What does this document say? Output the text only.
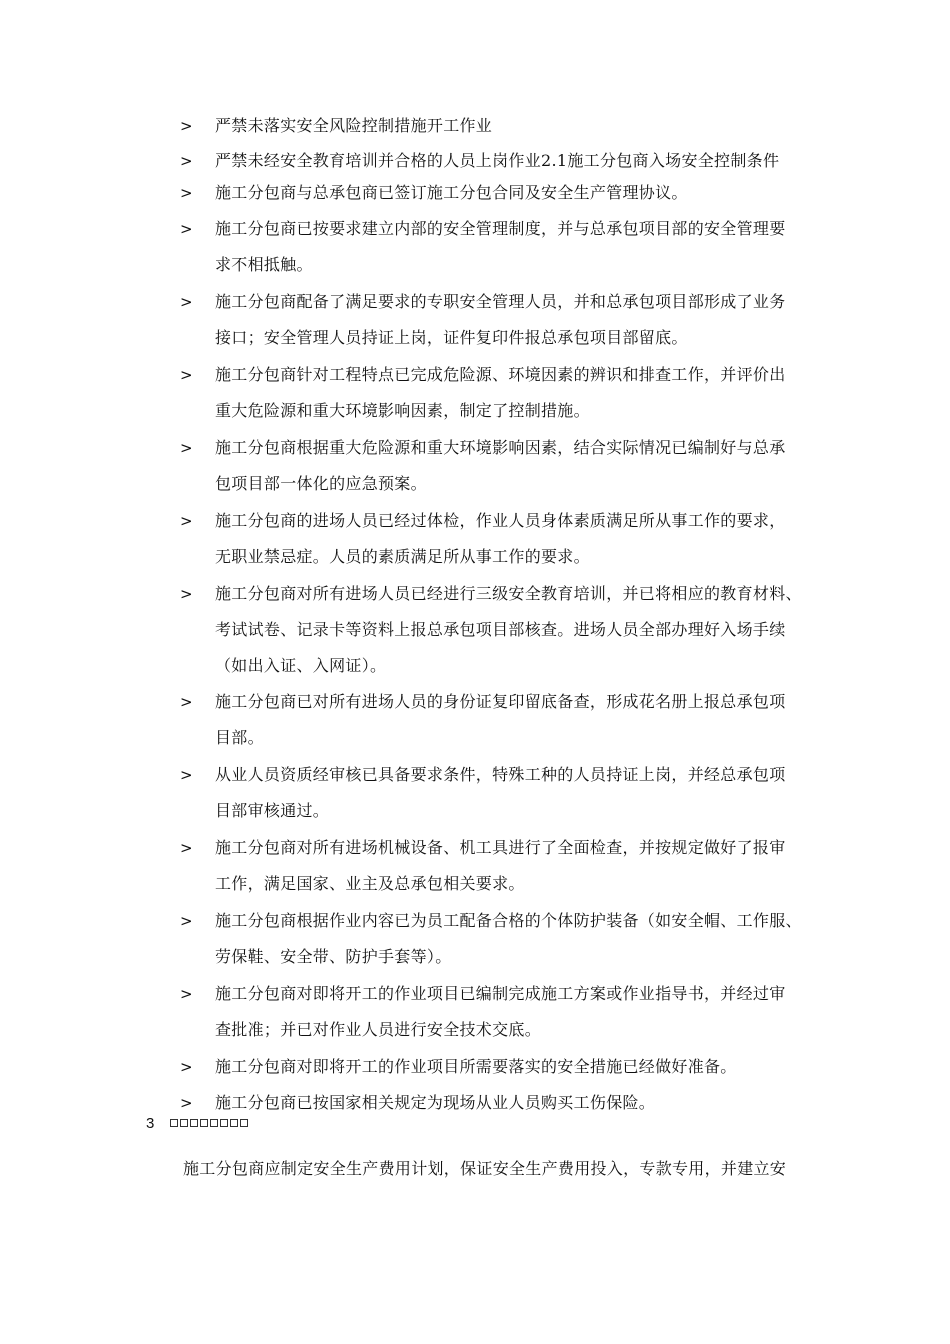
> 严禁未落实安全风险控制措施开工作业
> 严禁未经安全教育培训并合格的人员上岗作业2.1施工分包商入场安全控制条件
> 施工分包商与总承包商已签订施工分包合同及安全生产管理协议。
> 施工分包商已按要求建立内部的安全管理制度，并与总承包项目部的安全管理要
求不相抵触。
> 施工分包商配备了满足要求的专职安全管理人员，并和总承包项目部形成了业务
接口；安全管理人员持证上岗，证件复印件报总承包项目部留底。
> 施工分包商针对工程特点已完成危险源、环境因素的辨识和排查工作，并评价出
重大危险源和重大环境影响因素，制定了控制措施。
> 施工分包商根据重大危险源和重大环境影响因素，结合实际情况已编制好与总承
包项目部一体化的应急预案。
> 施工分包商的进场人员已经过体检，作业人员身体素质满足所从事工作的要求，
无职业禁忌症。人员的素质满足所从事工作的要求。
> 施工分包商对所有进场人员已经进行三级安全教育培训，并已将相应的教育材料、
考试试卷、记录卡等资料上报总承包项目部核查。进场人员全部办理好入场手续
（如出入证、入网证）。
> 施工分包商已对所有进场人员的身份证复印留底备查，形成花名册上报总承包项
目部。
> 从业人员资质经审核已具备要求条件，特殊工种的人员持证上岗，并经总承包项
目部审核通过。
> 施工分包商对所有进场机械设备、机工具进行了全面检查，并按规定做好了报审
工作，满足国家、业主及总承包相关要求。
> 施工分包商根据作业内容已为员工配备合格的个体防护装备（如安全帽、工作服、
劳保鞋、安全带、防护手套等）。
> 施工分包商对即将开工的作业项目已编制完成施工方案或作业指导书，并经过审
查批准；并已对作业人员进行安全技术交底。
> 施工分包商对即将开工的作业项目所需要落实的安全措施已经做好准备。
> 施工分包商已按国家相关规定为现场从业人员购买工伤保险。
3
施工分包商应制定安全生产费用计划，保证安全生产费用投入，专款专用，并建立安
